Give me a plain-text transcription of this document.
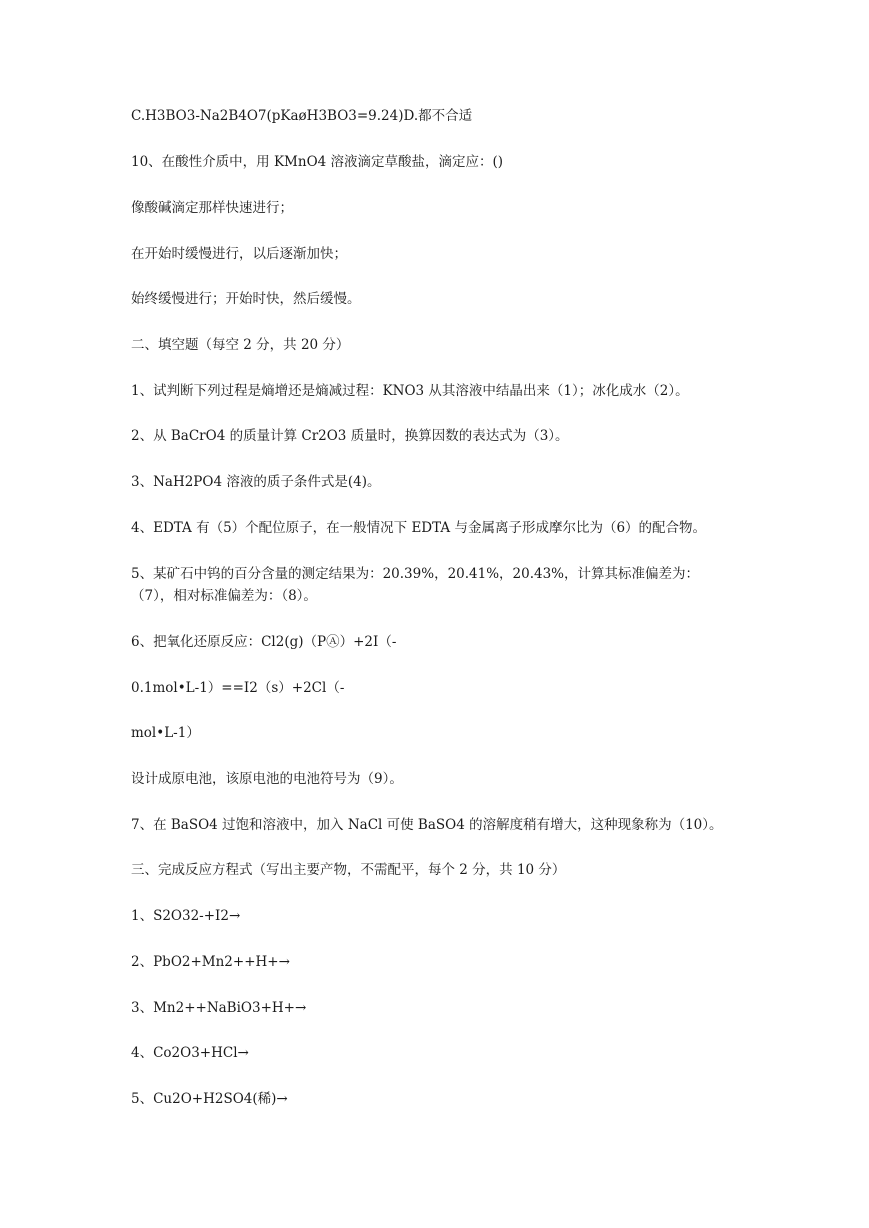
C.H3BO3-Na2B4O7(pKaøH3BO3=9.24)D.都不合适
10、在酸性介质中，用 KMnO4 溶液滴定草酸盐，滴定应：()
像酸碱滴定那样快速进行；
在开始时缓慢进行，以后逐渐加快；
始终缓慢进行；开始时快，然后缓慢。
二、填空题（每空 2 分，共 20 分）
1、试判断下列过程是熵增还是熵减过程：KNO3 从其溶液中结晶出来（1）；冰化成水（2）。
2、从 BaCrO4 的质量计算 Cr2O3 质量时，换算因数的表达式为（3）。
3、NaH2PO4 溶液的质子条件式是(4)。
4、EDTA 有（5）个配位原子，在一般情况下 EDTA 与金属离子形成摩尔比为（6）的配合物。
5、某矿石中钨的百分含量的测定结果为：20.39%，20.41%，20.43%，计算其标准偏差为：
（7），相对标准偏差为：（8）。
6、把氧化还原反应：Cl2(g)（PⒶ）+2I（-
0.1mol•L-1）==I2（s）+2Cl（-
mol•L-1）
设计成原电池，该原电池的电池符号为（9）。
7、在 BaSO4 过饱和溶液中，加入 NaCl 可使 BaSO4 的溶解度稍有增大，这种现象称为（10）。
三、完成反应方程式（写出主要产物，不需配平，每个 2 分，共 10 分）
1、S2O32-+I2→
2、PbO2+Mn2++H+→
3、Mn2++NaBiO3+H+→
4、Co2O3+HCl→
5、Cu2O+H2SO4(稀)→
